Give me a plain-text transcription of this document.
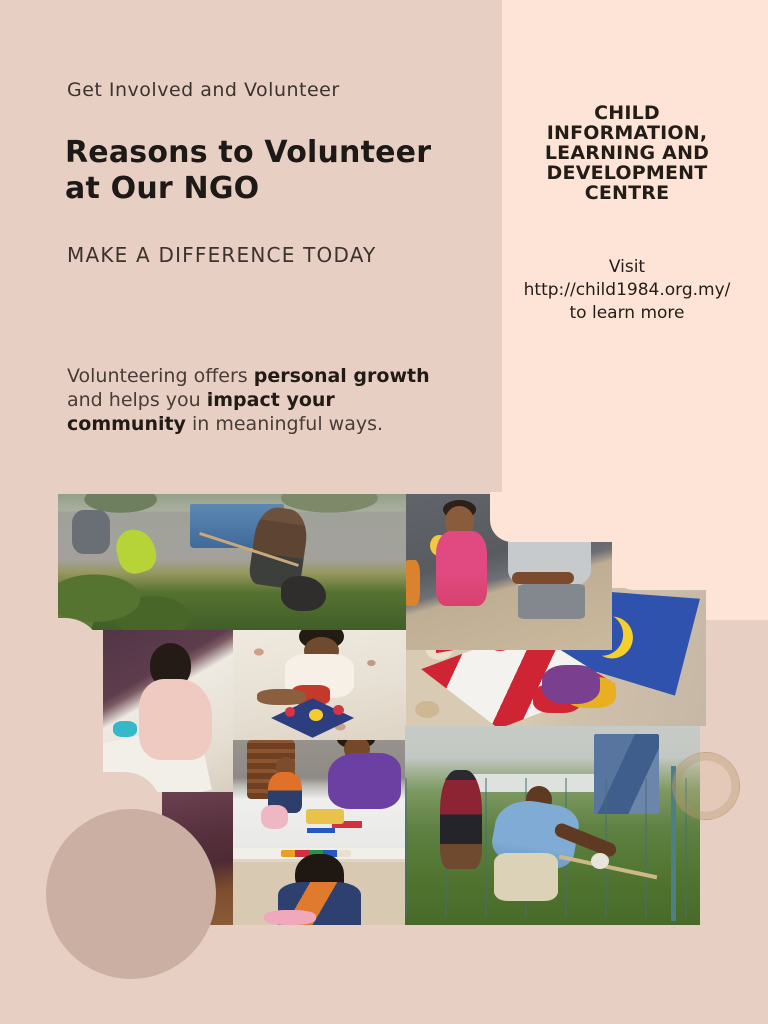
Get Involved and Volunteer
Reasons to Volunteer
at Our NGO
MAKE A DIFFERENCE TODAY

Volunteering offers personal growth and helps you impact your community in meaningful ways.

CHILD
INFORMATION,
LEARNING AND
DEVELOPMENT
CENTRE
Visit
http://child1984.org.my/
to learn more
